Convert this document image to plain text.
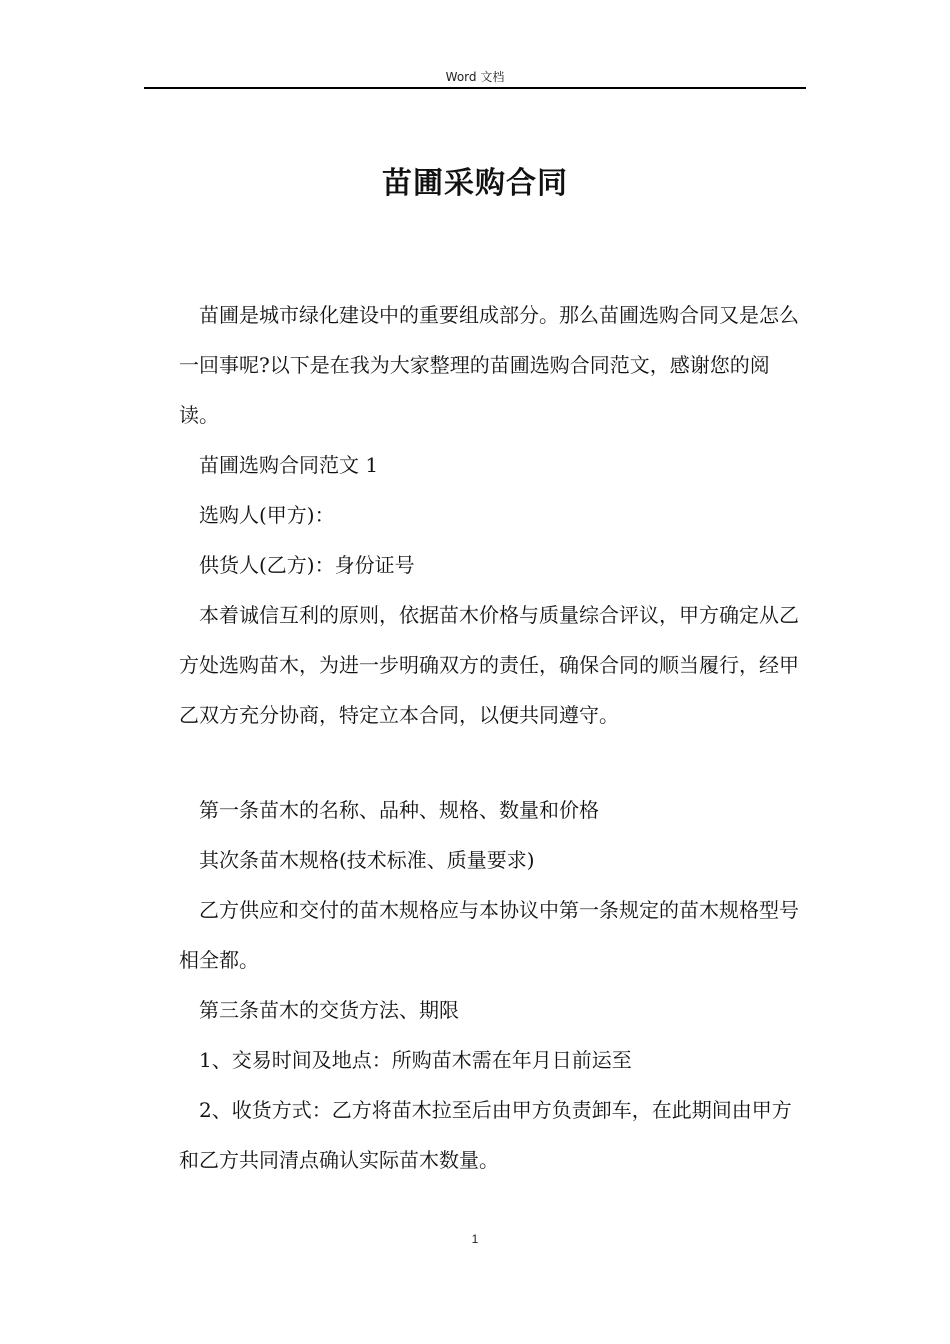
Word 文档
苗圃采购合同

苗圃是城市绿化建设中的重要组成部分。那么苗圃选购合同又是怎么一回事呢?以下是在我为大家整理的苗圃选购合同范文，感谢您的阅读。

苗圃选购合同范文 1

选购人(甲方)：

供货人(乙方)：身份证号

本着诚信互利的原则，依据苗木价格与质量综合评议，甲方确定从乙方处选购苗木，为进一步明确双方的责任，确保合同的顺当履行，经甲乙双方充分协商，特定立本合同，以便共同遵守。

第一条苗木的名称、品种、规格、数量和价格

其次条苗木规格(技术标准、质量要求)

乙方供应和交付的苗木规格应与本协议中第一条规定的苗木规格型号相全都。

第三条苗木的交货方法、期限

1、交易时间及地点：所购苗木需在年月日前运至

2、收货方式：乙方将苗木拉至后由甲方负责卸车，在此期间由甲方和乙方共同清点确认实际苗木数量。

1
